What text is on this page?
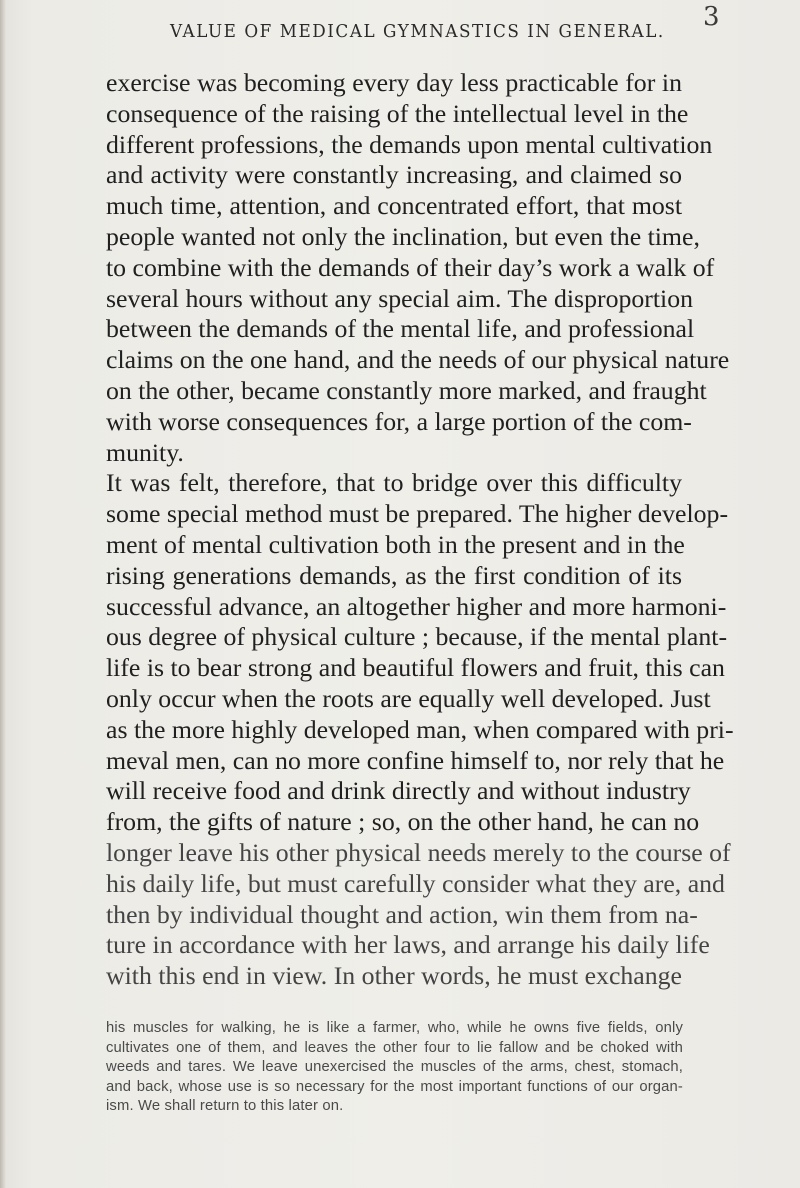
VALUE OF MEDICAL GYMNASTICS IN GENERAL. 3
exercise was becoming every day less practicable for in
consequence of the raising of the intellectual level in the
different professions, the demands upon mental cultivation
and activity were constantly increasing, and claimed so
much time, attention, and concentrated effort, that most
people wanted not only the inclination, but even the time,
to combine with the demands of their day’s work a walk of
several hours without any special aim. The disproportion
between the demands of the mental life, and professional
claims on the one hand, and the needs of our physical nature
on the other, became constantly more marked, and fraught
with worse consequences for, a large portion of the com-
munity.
It was felt, therefore, that to bridge over this difficulty
some special method must be prepared. The higher develop-
ment of mental cultivation both in the present and in the
rising generations demands, as the first condition of its
successful advance, an altogether higher and more harmoni-
ous degree of physical culture ; because, if the mental plant-
life is to bear strong and beautiful flowers and fruit, this can
only occur when the roots are equally well developed. Just
as the more highly developed man, when compared with pri-
meval men, can no more confine himself to, nor rely that he
will receive food and drink directly and without industry
from, the gifts of nature ; so, on the other hand, he can no
longer leave his other physical needs merely to the course of
his daily life, but must carefully consider what they are, and
then by individual thought and action, win them from na-
ture in accordance with her laws, and arrange his daily life
with this end in view. In other words, he must exchange
his muscles for walking, he is like a farmer, who, while he owns five fields, only
cultivates one of them, and leaves the other four to lie fallow and be choked with
weeds and tares. We leave unexercised the muscles of the arms, chest, stomach,
and back, whose use is so necessary for the most important functions of our organ-
ism. We shall return to this later on.
